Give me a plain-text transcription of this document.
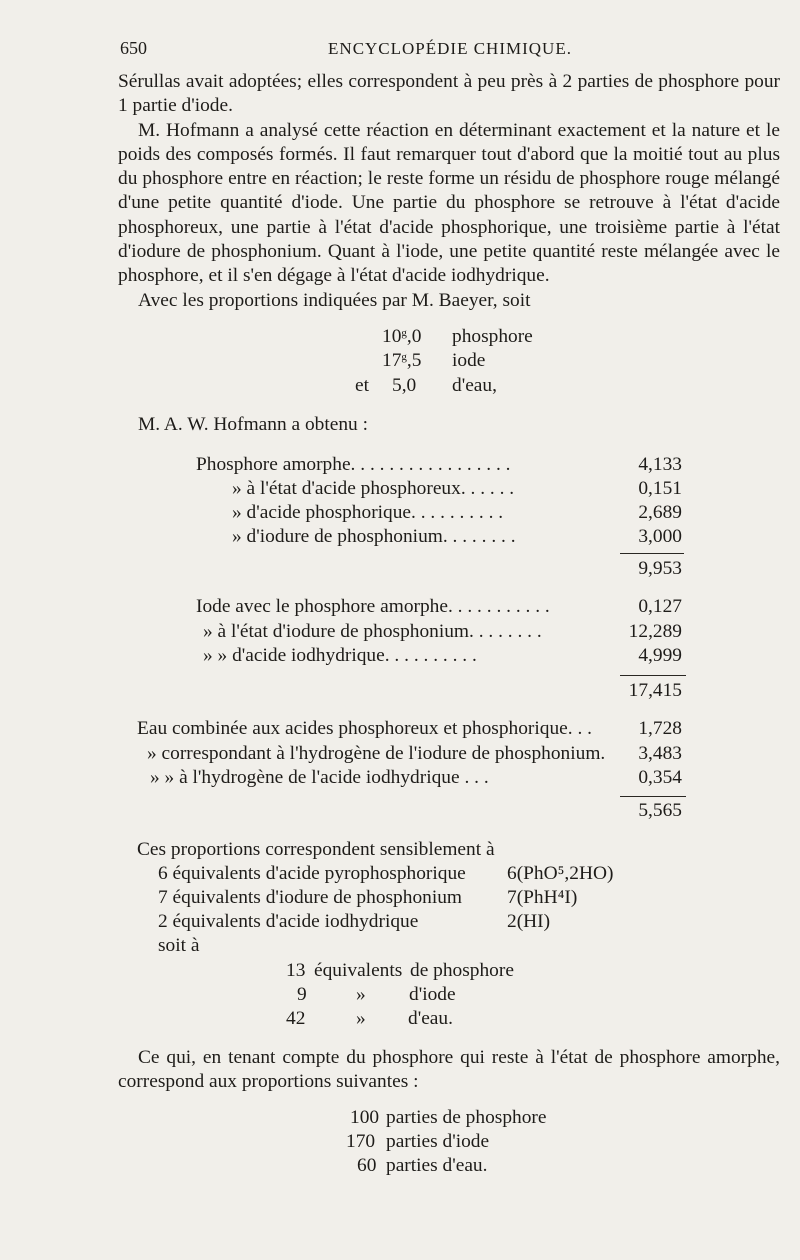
650	ENCYCLOPÉDIE CHIMIQUE.

Sérullas avait adoptées; elles correspondent à peu près à 2 parties de phosphore pour 1 partie d'iode.

M. Hofmann a analysé cette réaction en déterminant exactement et la nature et le poids des composés formés. Il faut remarquer tout d'abord que la moitié tout au plus du phosphore entre en réaction; le reste forme un résidu de phosphore rouge mélangé d'une petite quantité d'iode. Une partie du phosphore se retrouve à l'état d'acide phosphoreux, une partie à l'état d'acide phosphorique, une troisième partie à l'état d'iodure de phosphonium. Quant à l'iode, une petite quantité reste mélangée avec le phosphore, et il s'en dégage à l'état d'acide iodhydrique.

Avec les proportions indiquées par M. Baeyer, soit

10$^g$,0 phosphore
17$^g$,5 iode
et 5,0 d'eau,
M. A. W. Hofmann a obtenu :
Phosphore amorphe. . . . . . . . . . . . . . . . .	4,133
» à l'état d'acide phosphoreux. . . . . .	0,151
» d'acide phosphorique. . . . . . . . . .	2,689
» d'iodure de phosphonium. . . . . . . .	3,000
9,953
Iode avec le phosphore amorphe. . . . . . . . . . .	0,127
» à l'état d'iodure de phosphonium. . . . . . . .	12,289
» » d'acide iodhydrique. . . . . . . . . .	4,999
17,415
Eau combinée aux acides phosphoreux et phosphorique. . .	1,728
» correspondant à l'hydrogène de l'iodure de phosphonium.	3,483
» » à l'hydrogène de l'acide iodhydrique . . .	0,354
5,565
Ces proportions correspondent sensiblement à
6 équivalents d'acide pyrophosphorique 6(PhO⁵,2HO)
7 équivalents d'iodure de phosphonium 7(PhH⁴I)
2 équivalents d'acide iodhydrique	2(HI)
soit à
13 équivalents de phosphore
9	» d'iode
42	» d'eau.
Ce qui, en tenant compte du phosphore qui reste à l'état de phosphore amorphe, correspond aux proportions suivantes :
100 parties de phosphore
170 parties d'iode
60 parties d'eau.
